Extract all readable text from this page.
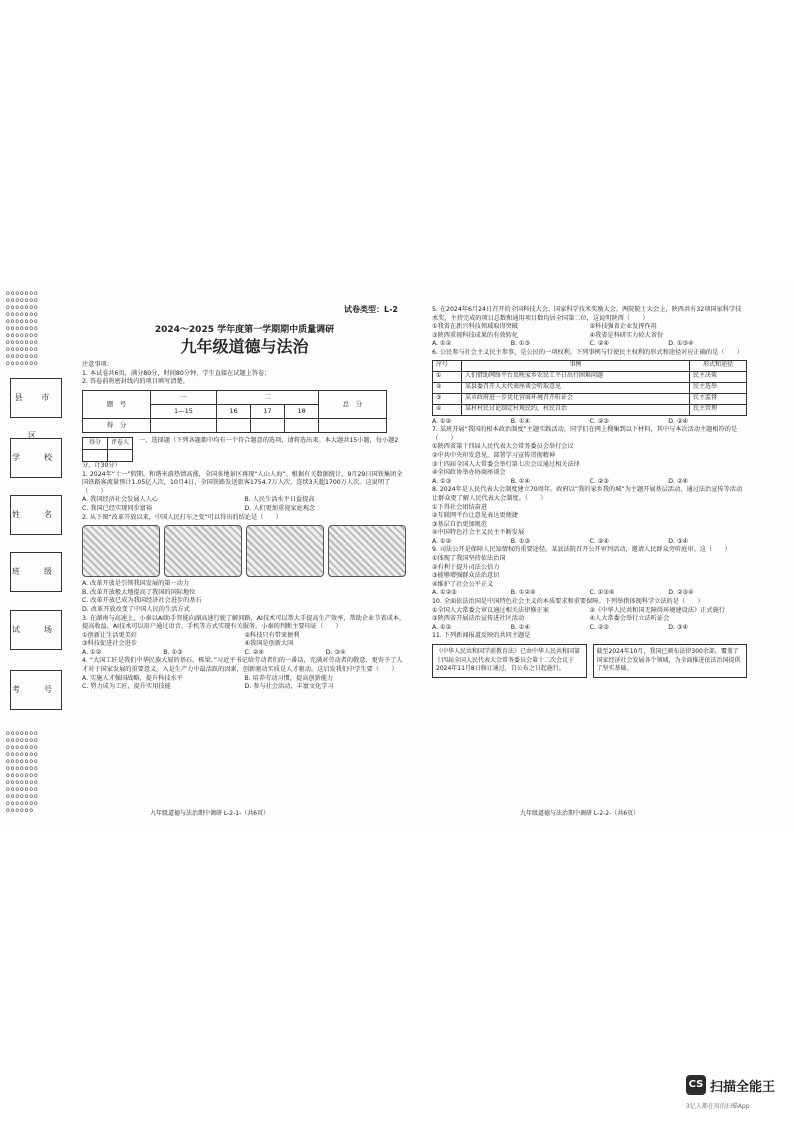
ooooooooooooooooooooooooooooooooooooooooooooooooooooooooooooooooooooooooooooo
县 市 区
学　校
姓　名
班　级
试　场
考　号
ooooooooooooooooooooooooooooooooooooooooooooooooooooooooooooooooooooooooooooooooooo
试卷类型：L-2
2024～2025 学年度第一学期期中质量调研
九年级道德与法治
注意事项：
1. 本试卷共6页，满分80分，时间80分钟，学生直接在试题上答卷；
2. 答卷前将密封线内的项目填写清楚。
题　号	一	二			总　分
	1—15	16	17	18	
得　分					
得分	评卷人
	一、选择题（下列各题都中均有一个符合题意的选项，请将选出来。本大题共15小题，每小题2分，计30分）
1. 2024年“十一”假期，和谐米游热情高涨，全国多地景区再现“人山人海”。根据有关数据统计，9月29日国铁集团全国铁路客流量预计1.05亿人次，10月4日，全国铁路发送旅客1754.7万人次，连续3天超1700万人次。这说明了（　　）
A. 我国经济社会发展人人心	B. 人民生活水平日益提高
C. 我国已经实现同步富裕	D. 人们更加重视家庭观念
2. 从下图“改革开放以来，中国人民打车之变”可以得出的结论是（　　）
A. 改革开放是引领我国发展的第一动力
B. 改革开放极大地提高了我国的国际地位
C. 改革开放已成为我国经济社会进步的基石
D. 改革开放改变了中国人民的生活方式
3. 在湖南与高速上，小秦以AI助手智能向湖高速行驶了解问路，AI技术可以帮大手提高生产效率，帮助企业节省成本，提高收益。AI技术可以用户通过语音、手机等方式实现有关服务。小秦的判断主要印证（　　）
①创新让生活更美好	②科技只有带来便利
③科技促进社会进步	④我国是创新大国
A. ①②	B. ①③	C. ②④	D. ③④
4. “大国工匠是我们中华民族大厦的基石、栋梁。”习近平书记给劳动者们的一番话，充满对劳动者的敬意，更寄予了人才对于国家发展的重要意义。入是生产力中最活跃的因素，创新驱动实质是人才驱动。这启发我们中学生要（　　）
A. 实施人才强国战略，提升科技水平	B. 培养劳动习惯，提高创新能力
C. 努力成为工匠，提升实用技能	D. 参与社会活动，丰富文化学习
九年级道德与法治期中调研 L-2-1-（共6页）
5. 在2024年6月24日召开的全国科技大会、国家科学技术奖励大会、两院院士大会上，陕西共有32项国家科学技术奖，主持完成的项目总数和通用项目数均居全国第二位，这说明陕西（　　）
①我省在新兴科技领域取得突破	②科技强省企业发挥作用
③陕西重视科技成果的有效转化	④我省是科研实力较大省份
A. ①②	B. ①③	C. ②④	D. ①③④
6. 公民参与社会主义民主参事，是公民的一项权利。下列事例与行使民主权利的形式和途径对应正确的是（　　）
序号	事例	形式和途径
①	人们借助网络平台反映家乡农民工平日出行困难问题	民主决策
②	某县委召开人大代表座谈会听取意见	民主选举
③	某市政府进一步优化营商环境召开听证会	民主监督
④	某村村民讨论制定村规民约，村民自治	民主管理
A. ①②	B. ①④	C. ②③	D. ②④
7. 某班开展“我国的根本政治制度”主题实践活动，同学们在网上搜集到以下材料，其中与本次活动主题相符的是（　　）
①陕西省第十四届人民代表大会常务委员会举行会议
②中共中央印发意见，部署学习宣传贯彻精神
③十四届全国人大常委会举行第七次会议通过相关法律
④全国政协举办协商座谈会
A. ①③	B. ①④	C. ②③	D. ②④
8. 2024年是人民代表大会制度建立70周年。政府以“我的家乡我的城”为主题开展基层活动，通过法治宣传等活动让群众更了解人民代表大会制度。（　　）
①下得社会团结奋进
②互联网平台让意见表达更便捷
③基层自治更加规范
④中国特色社会主义民主不断发展
A. ①②	B. ①③	C. ②④	D. ③④
9. 司法公开是保障人民知情权的重要途径。某县法院召开公开审判活动，邀请人民群众旁听庭审。这（　　）
①体现了我国坚持依法治国
②有利于提升司法公信力
③能够增强群众法治意识
④维护了社会公平正义
A. ①②③	B. ①②④	C. ①③④	D. ②③④
10. 全面依法治国是中国特色社会主义的本质要求和重要保障。下列举措体现科学立法的是（　　）
①全国人大常委会审议通过相关法律修正案	②《中华人民共和国无障碍环境建设法》正式施行
③陕西省开展法治宣传进社区活动	④人大常委会举行立法听证会
A. ①②	B. ①④	C. ②③	D. ③④
11. 下列新闻报道反映的共同主题是
《中华人民共和国学前教育法》已由中华人民共和国第十四届全国人民代表大会常务委员会第十二次会议于2024年11月8日修订通过，自公布之日起施行。
截至2024年10月，我国已颁布法律300余部，覆盖了国家经济社会发展各个领域，为全面推进依法治国提供了坚实基础。
九年级道德与法治期中调研 L-2-2-（共6页）
CS 扫描全能王
3亿人都在用的扫描App
